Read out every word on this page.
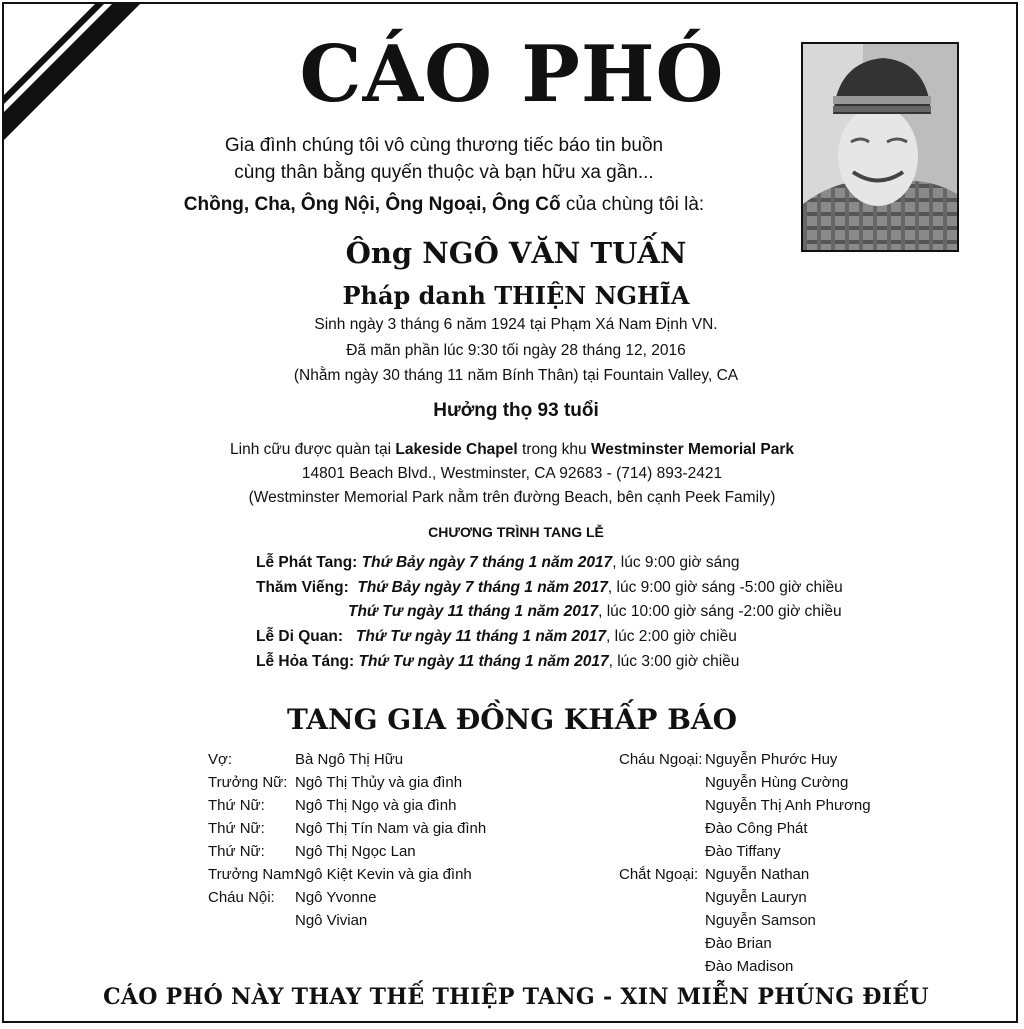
CÁO PHÓ
Gia đình chúng tôi vô cùng thương tiếc báo tin buồn
cùng thân bằng quyến thuộc và bạn hữu xa gần...
Chồng, Cha, Ông Nội, Ông Ngoại, Ông Cố của chùng tôi là:
Ông NGÔ VĂN TUẤN
Pháp danh THIỆN NGHĨA
Sinh ngày 3 tháng 6 năm 1924 tại Phạm Xá Nam Định VN.
Đã mãn phần lúc 9:30 tối ngày 28 tháng 12, 2016
(Nhằm ngày 30 tháng 11 năm Bính Thân) tại Fountain Valley, CA
Hưởng thọ 93 tuổi
Linh cữu được quàn tại Lakeside Chapel trong khu Westminster Memorial Park
14801 Beach Blvd., Westminster, CA 92683 - (714) 893-2421
(Westminster Memorial Park nằm trên đường Beach, bên cạnh Peek Family)
CHƯƠNG TRÌNH TANG LỄ
Lễ Phát Tang: Thứ Bảy ngày 7 tháng 1 năm 2017, lúc 9:00 giờ sáng
Thăm Viếng: Thứ Bảy ngày 7 tháng 1 năm 2017, lúc 9:00 giờ sáng -5:00 giờ chiều
Thứ Tư ngày 11 tháng 1 năm 2017, lúc 10:00 giờ sáng -2:00 giờ chiều
Lễ Di Quan: Thứ Tư ngày 11 tháng 1 năm 2017, lúc 2:00 giờ chiều
Lễ Hỏa Táng: Thứ Tư ngày 11 tháng 1 năm 2017, lúc 3:00 giờ chiều
TANG GIA ĐỒNG KHẤP BÁO
Vợ:	Bà Ngô Thị Hữu
Trưởng Nữ: Ngô Thị Thủy và gia đình
Thứ Nữ: Ngô Thị Ngọ và gia đình
Thứ Nữ: Ngô Thị Tín Nam và gia đình
Thứ Nữ: Ngô Thị Ngọc Lan
Trưởng Nam:Ngô Kiệt Kevin và gia đình
Cháu Nội: Ngô Yvonne
Ngô Vivian
Cháu Ngoại: Nguyễn Phước Huy
Nguyễn Hùng Cường
Nguyễn Thị Anh Phương
Đào Công Phát
Đào Tiffany
Chắt Ngoại: Nguyễn Nathan
Nguyễn Lauryn
Nguyễn Samson
Đào Brian
Đào Madison
CÁO PHÓ NÀY THAY THẾ THIỆP TANG - XIN MIỄN PHÚNG ĐIẾU
